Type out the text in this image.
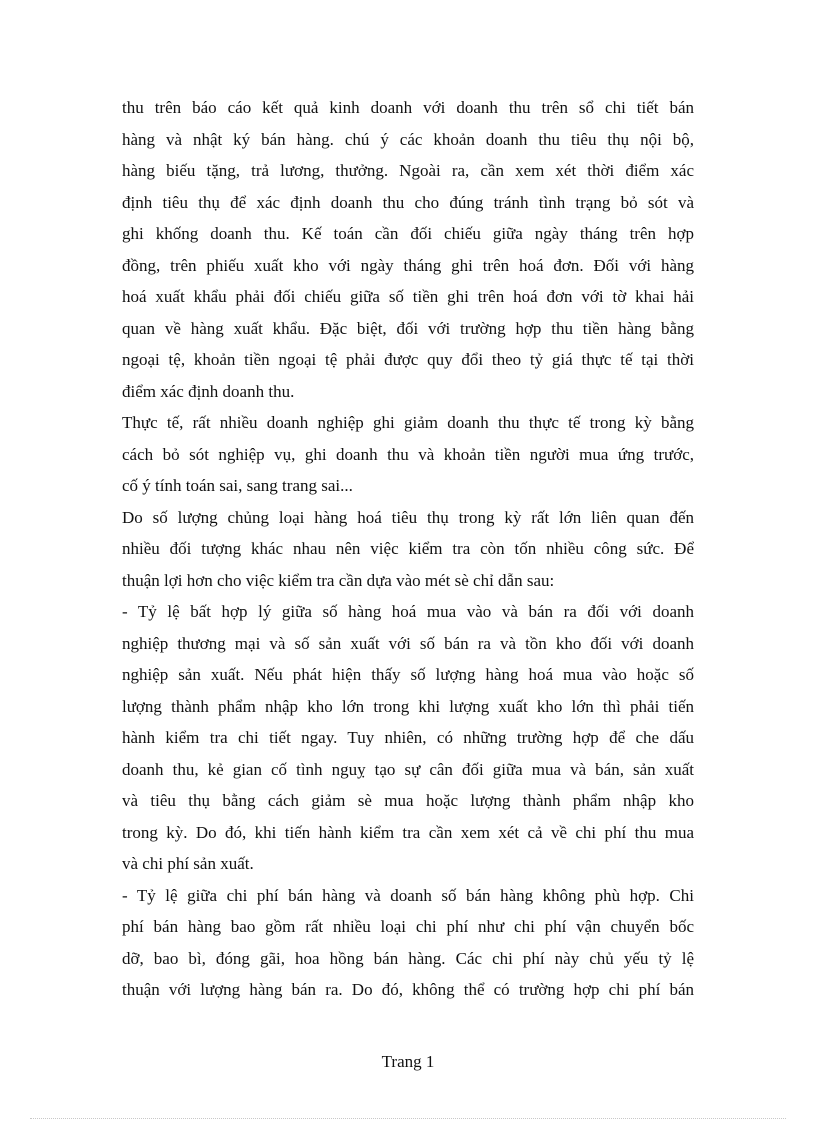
thu trên báo cáo kết quả kinh doanh với doanh thu trên sổ chi tiết bán
hàng và nhật ký bán hàng. chú ý các khoản doanh thu tiêu thụ nội bộ,
hàng biếu tặng, trả lương, thưởng. Ngoài ra, cần xem xét thời điểm xác
định tiêu thụ để xác định doanh thu cho đúng tránh tình trạng bỏ sót và
ghi khống doanh thu. Kế toán cần đối chiếu giữa ngày tháng trên hợp
đồng, trên phiếu xuất kho với ngày tháng ghi trên hoá đơn. Đối với hàng
hoá xuất khẩu phải đối chiếu giữa số tiền ghi trên hoá đơn với tờ khai hải
quan về hàng xuất khẩu. Đặc biệt, đối với trường hợp thu tiền hàng bằng
ngoại tệ, khoản tiền ngoại tệ phải được quy đổi theo tỷ giá thực tế tại thời
điểm xác định doanh thu.

Thực tế, rất nhiều doanh nghiệp ghi giảm doanh thu thực tế trong kỳ bằng
cách bỏ sót nghiệp vụ, ghi doanh thu và khoản tiền người mua ứng trước,
cố ý tính toán sai, sang trang sai...

Do số lượng chủng loại hàng hoá tiêu thụ trong kỳ rất lớn liên quan đến
nhiều đối tượng khác nhau nên việc kiểm tra còn tốn nhiều công sức. Để
thuận lợi hơn cho việc kiểm tra cần dựa vào mét sè chỉ dẫn sau:

- Tỷ lệ bất hợp lý giữa số hàng hoá mua vào và bán ra đối với doanh
nghiệp thương mại và số sản xuất với số bán ra và tồn kho đối với doanh
nghiệp sản xuất. Nếu phát hiện thấy số lượng hàng hoá mua vào hoặc số
lượng thành phẩm nhập kho lớn trong khi lượng xuất kho lớn thì phải tiến
hành kiểm tra chi tiết ngay. Tuy nhiên, có những trường hợp để che dấu
doanh thu, kẻ gian cố tình nguỵ tạo sự cân đối giữa mua và bán, sản xuất
và tiêu thụ bằng cách giảm sè mua hoặc lượng thành phẩm nhập kho
trong kỳ. Do đó, khi tiến hành kiểm tra cần xem xét cả về chi phí thu mua
và chi phí sản xuất.

- Tỷ lệ giữa chi phí bán hàng và doanh số bán hàng không phù hợp. Chi
phí bán hàng bao gồm rất nhiều loại chi phí như chi phí vận chuyển bốc
dỡ, bao bì, đóng gãi, hoa hồng bán hàng. Các chi phí này chủ yếu tỷ lệ
thuận với lượng hàng bán ra. Do đó, không thể có trường hợp chi phí bán

Trang 1
